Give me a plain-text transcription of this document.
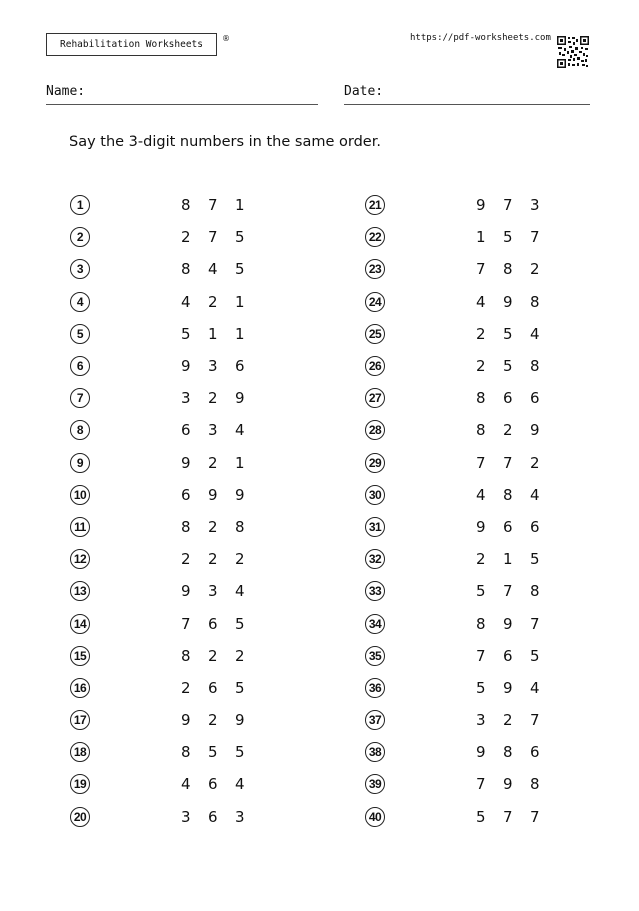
Rehabilitation Worksheets
®	https://pdf-worksheets.com
Name:	Date:
Say the 3-digit numbers in the same order.
1	8	7	1
2	2	7	5
3	8	4	5
4	4	2	1
5	5	1	1
6	9	3	6
7	3	2	9
8	6	3	4
9	9	2	1
10	6	9	9
11	8	2	8
12	2	2	2
13	9	3	4
14	7	6	5
15	8	2	2
16	2	6	5
17	9	2	9
18	8	5	5
19	4	6	4
20	3	6	3
21	9	7	3
22	1	5	7
23	7	8	2
24	4	9	8
25	2	5	4
26	2	5	8
27	8	6	6
28	8	2	9
29	7	7	2
30	4	8	4
31	9	6	6
32	2	1	5
33	5	7	8
34	8	9	7
35	7	6	5
36	5	9	4
37	3	2	7
38	9	8	6
39	7	9	8
40	5	7	7
